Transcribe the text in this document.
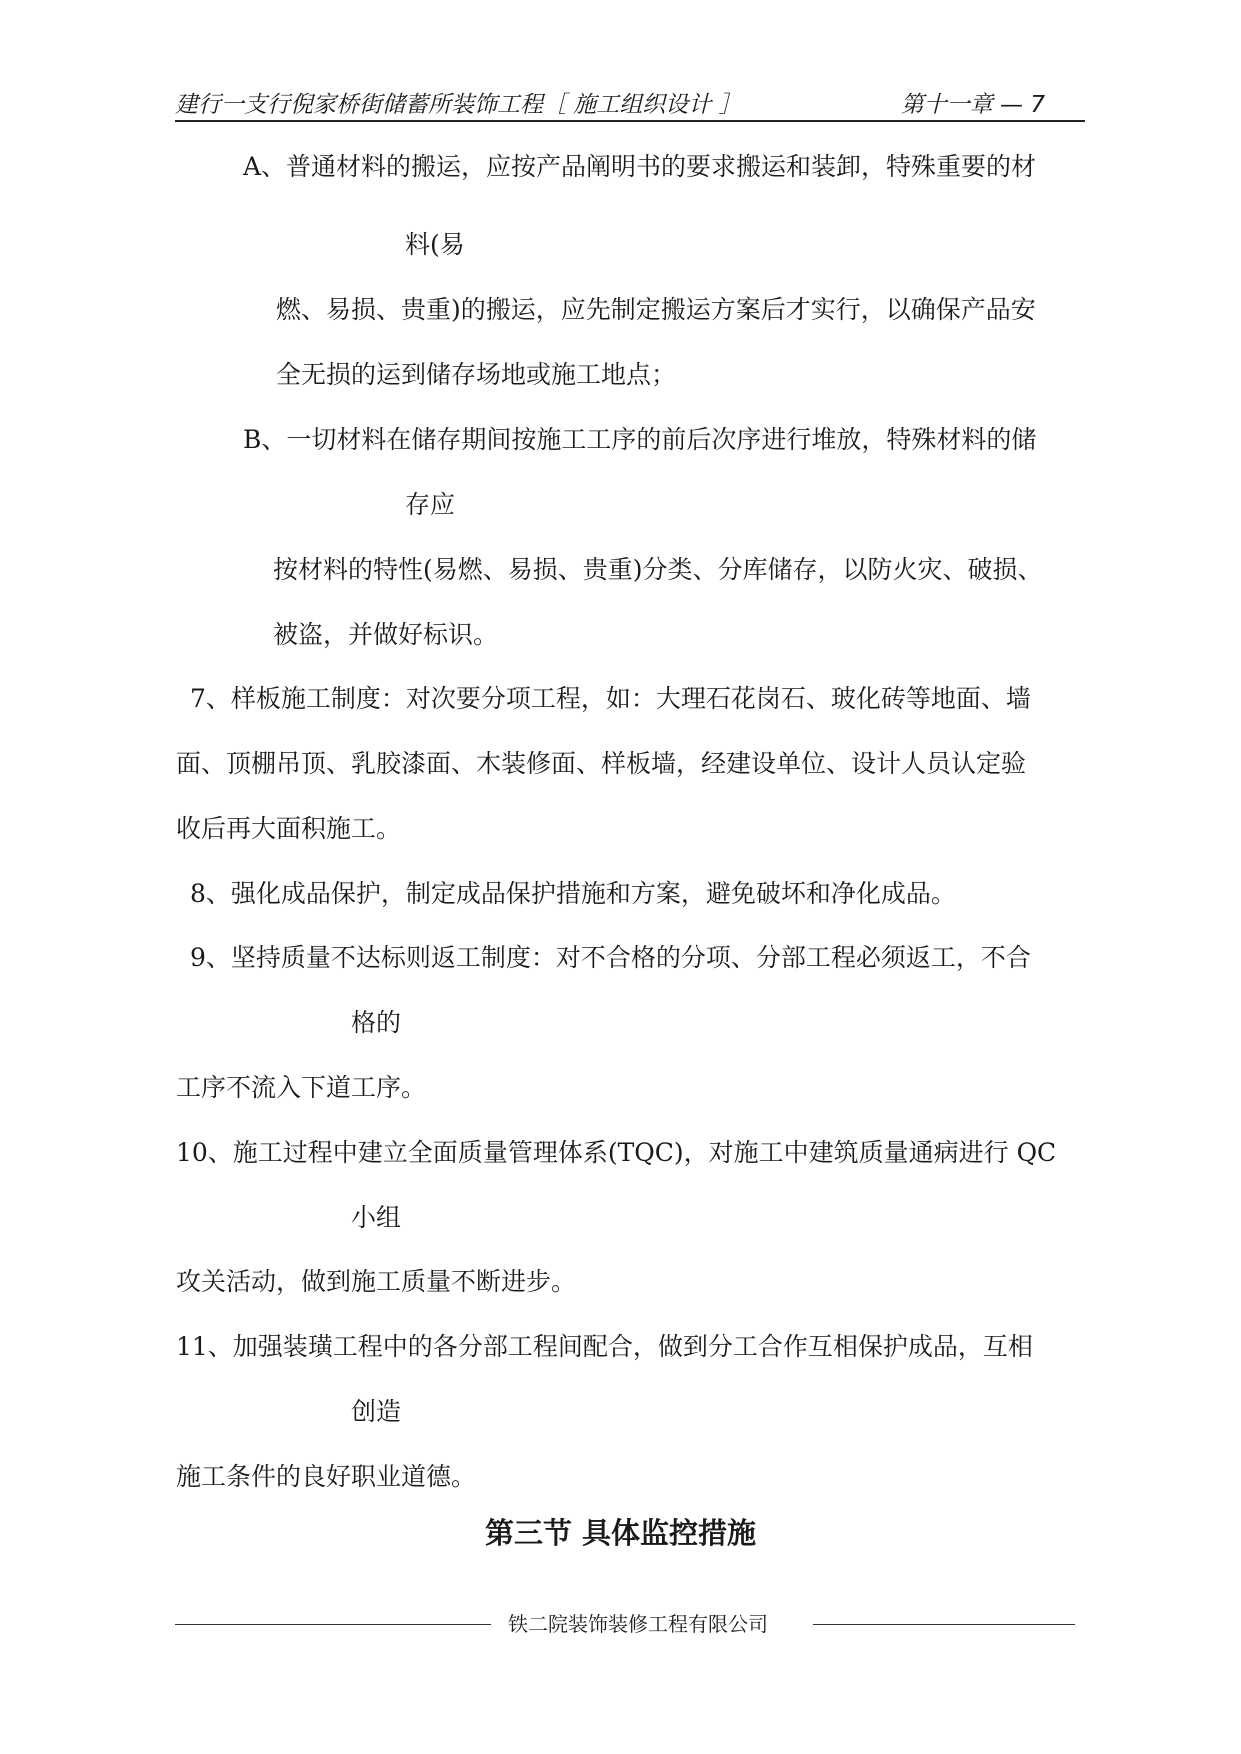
建行一支行倪家桥街储蓄所装饰工程［ 施工组织设计 ］	第十一章 — 7
A、普通材料的搬运，应按产品阐明书的要求搬运和装卸，特殊重要的材
料(易
燃、易损、贵重)的搬运，应先制定搬运方案后才实行，以确保产品安
全无损的运到储存场地或施工地点；
B、一切材料在储存期间按施工工序的前后次序进行堆放，特殊材料的储
存应
按材料的特性(易燃、易损、贵重)分类、分库储存，以防火灾、破损、
被盗，并做好标识。
7、样板施工制度：对次要分项工程，如：大理石花岗石、玻化砖等地面、墙
面、顶棚吊顶、乳胶漆面、木装修面、样板墙，经建设单位、设计人员认定验
收后再大面积施工。
8、强化成品保护，制定成品保护措施和方案，避免破坏和净化成品。
9、坚持质量不达标则返工制度：对不合格的分项、分部工程必须返工，不合
格的
工序不流入下道工序。
10、施工过程中建立全面质量管理体系(TQC)，对施工中建筑质量通病进行 QC
小组
攻关活动，做到施工质量不断进步。
11、加强装璜工程中的各分部工程间配合，做到分工合作互相保护成品，互相
创造
施工条件的良好职业道德。
第三节 具体监控措施
铁二院装饰装修工程有限公司
